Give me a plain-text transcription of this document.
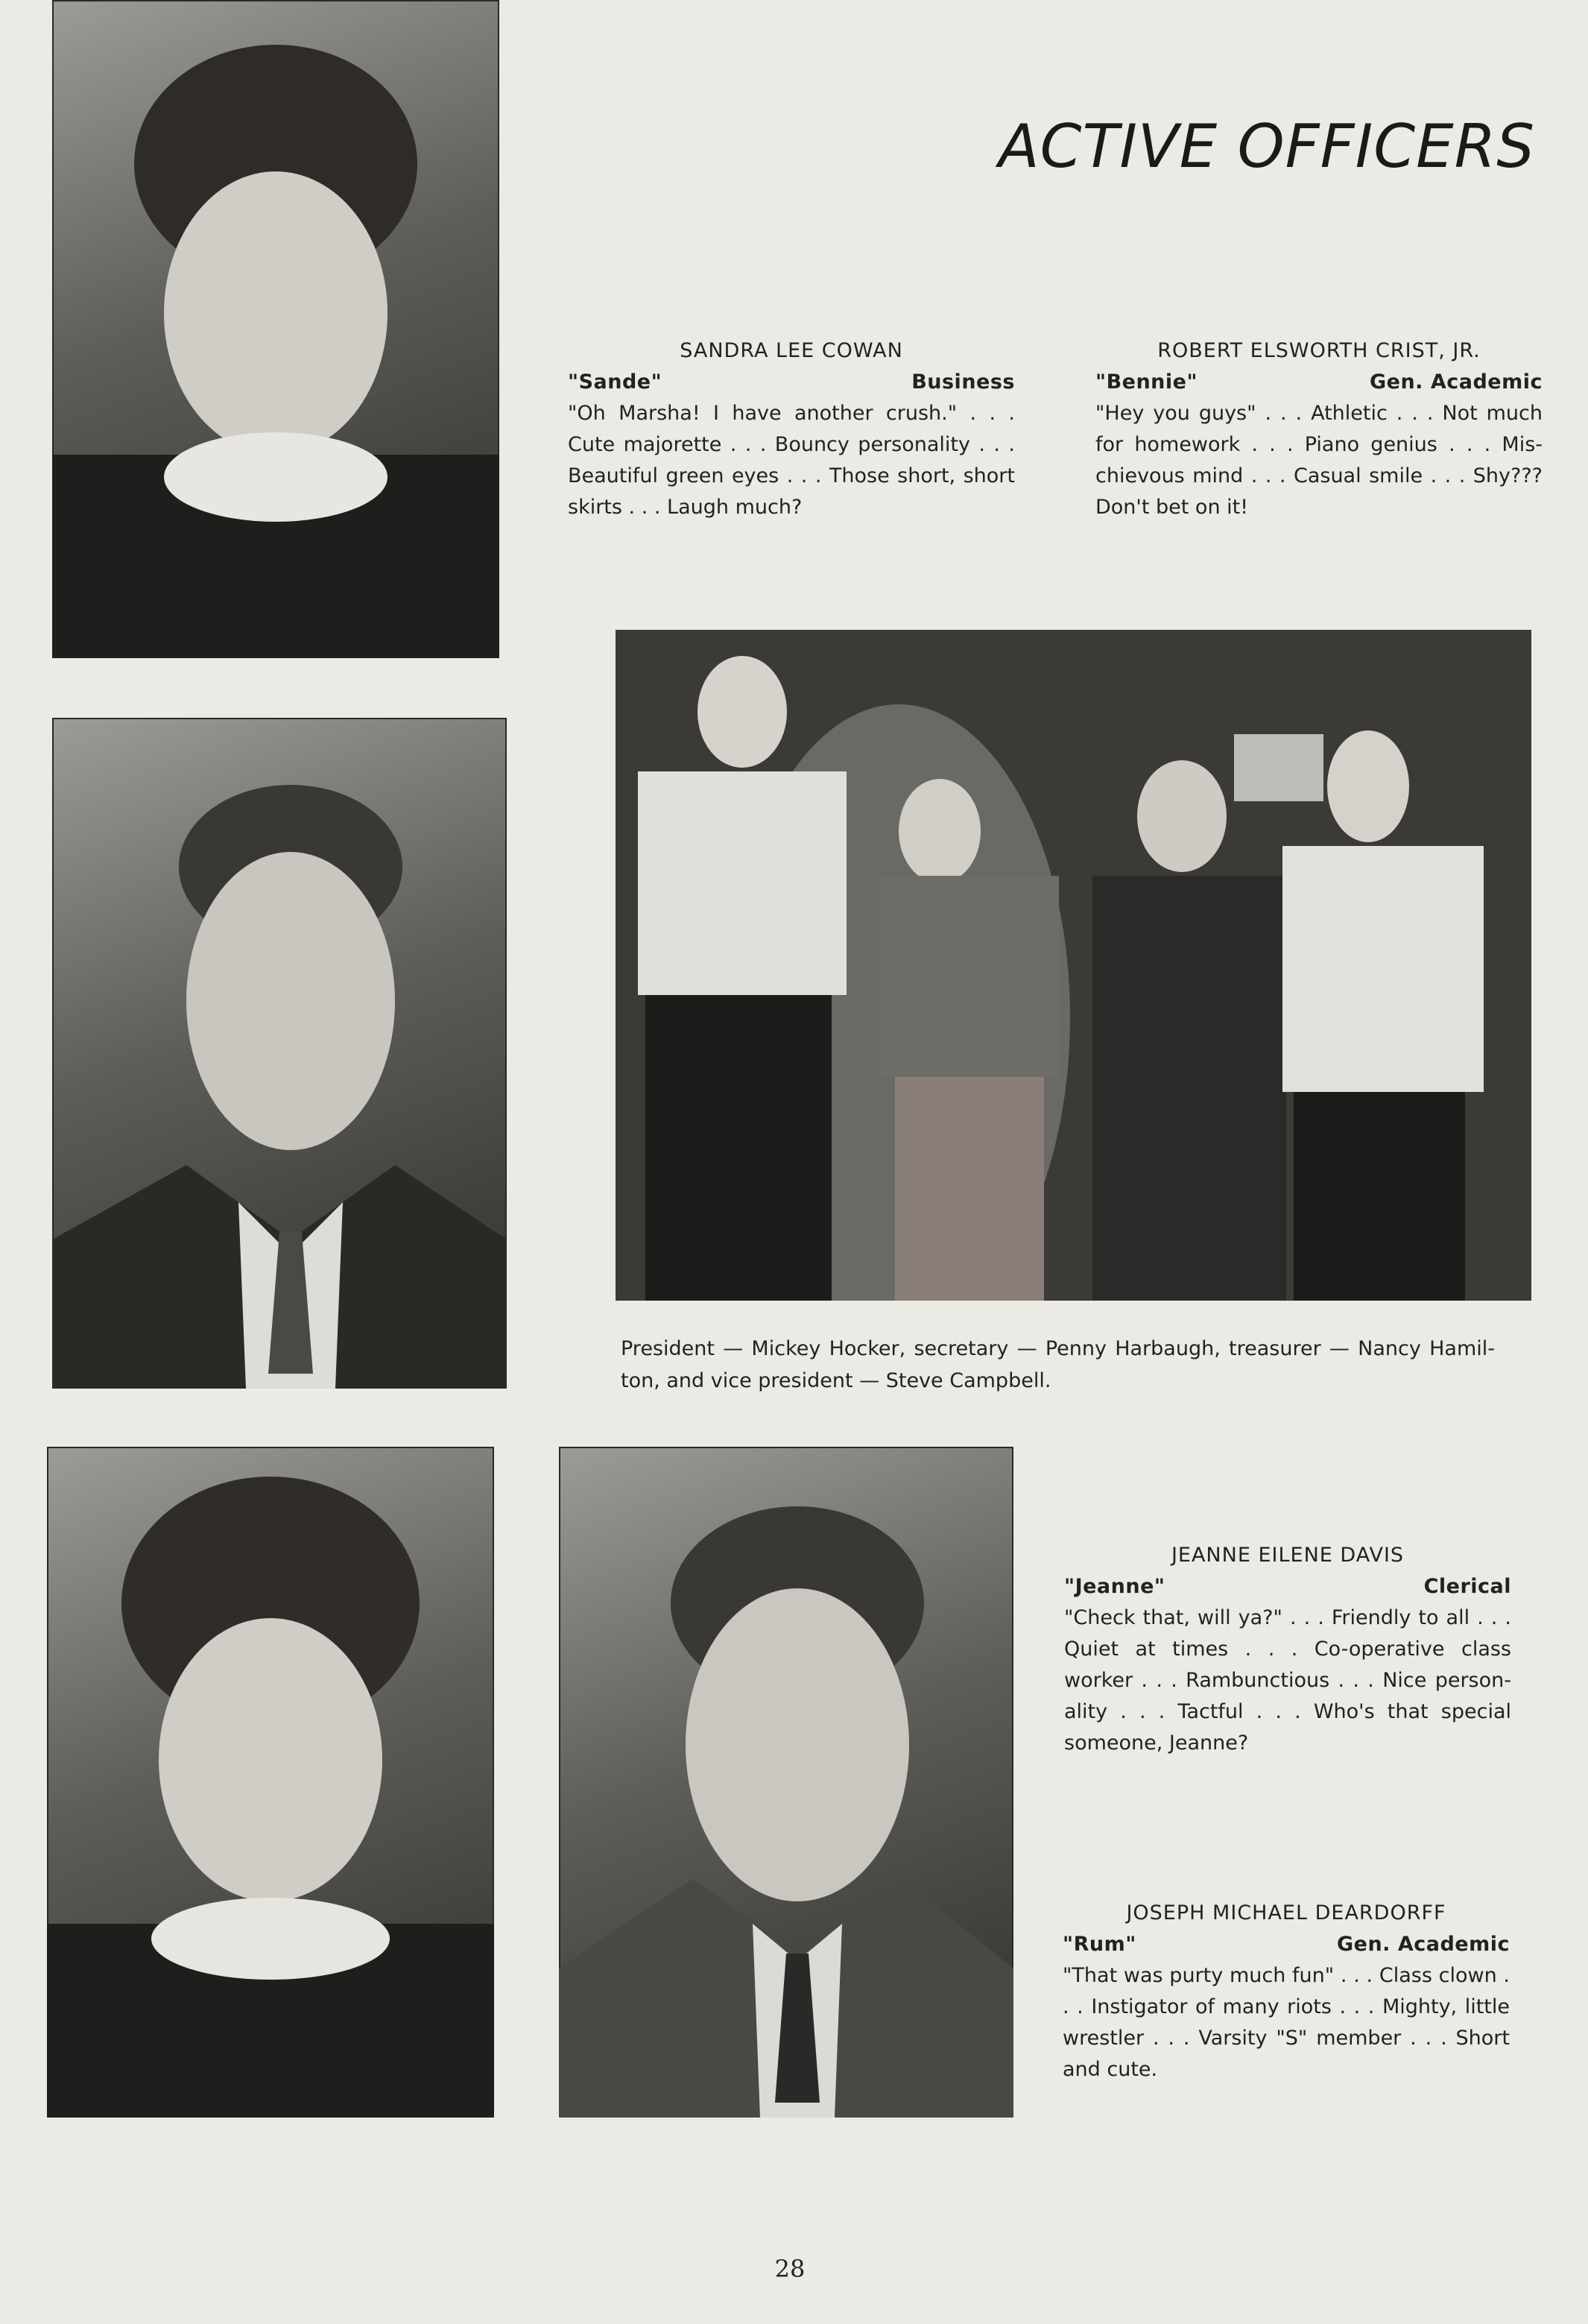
ACTIVE OFFICERS
SANDRA LEE COWAN
"Sande"	Business
"Oh Marsha! I have another crush." . . . Cute majorette . . . Bouncy personality . . . Beautiful green eyes . . . Those short, short skirts . . . Laugh much?
ROBERT ELSWORTH CRIST, JR.
"Bennie"	Gen. Academic
"Hey you guys" . . . Athletic . . . Not much for homework . . . Piano genius . . . Mis-chievous mind . . . Casual smile . . . Shy??? Don't bet on it!
President — Mickey Hocker, secretary — Penny Harbaugh, treasurer — Nancy Hamil-ton, and vice president — Steve Campbell.
JEANNE EILENE DAVIS
"Jeanne"	Clerical
"Check that, will ya?" . . . Friendly to all . . . Quiet at times . . . Co-operative class worker . . . Rambunctious . . . Nice person-ality . . . Tactful . . . Who's that special someone, Jeanne?
JOSEPH MICHAEL DEARDORFF
"Rum"	Gen. Academic
"That was purty much fun" . . . Class clown . . . Instigator of many riots . . . Mighty, little wrestler . . . Varsity "S" member . . . Short and cute.
28
